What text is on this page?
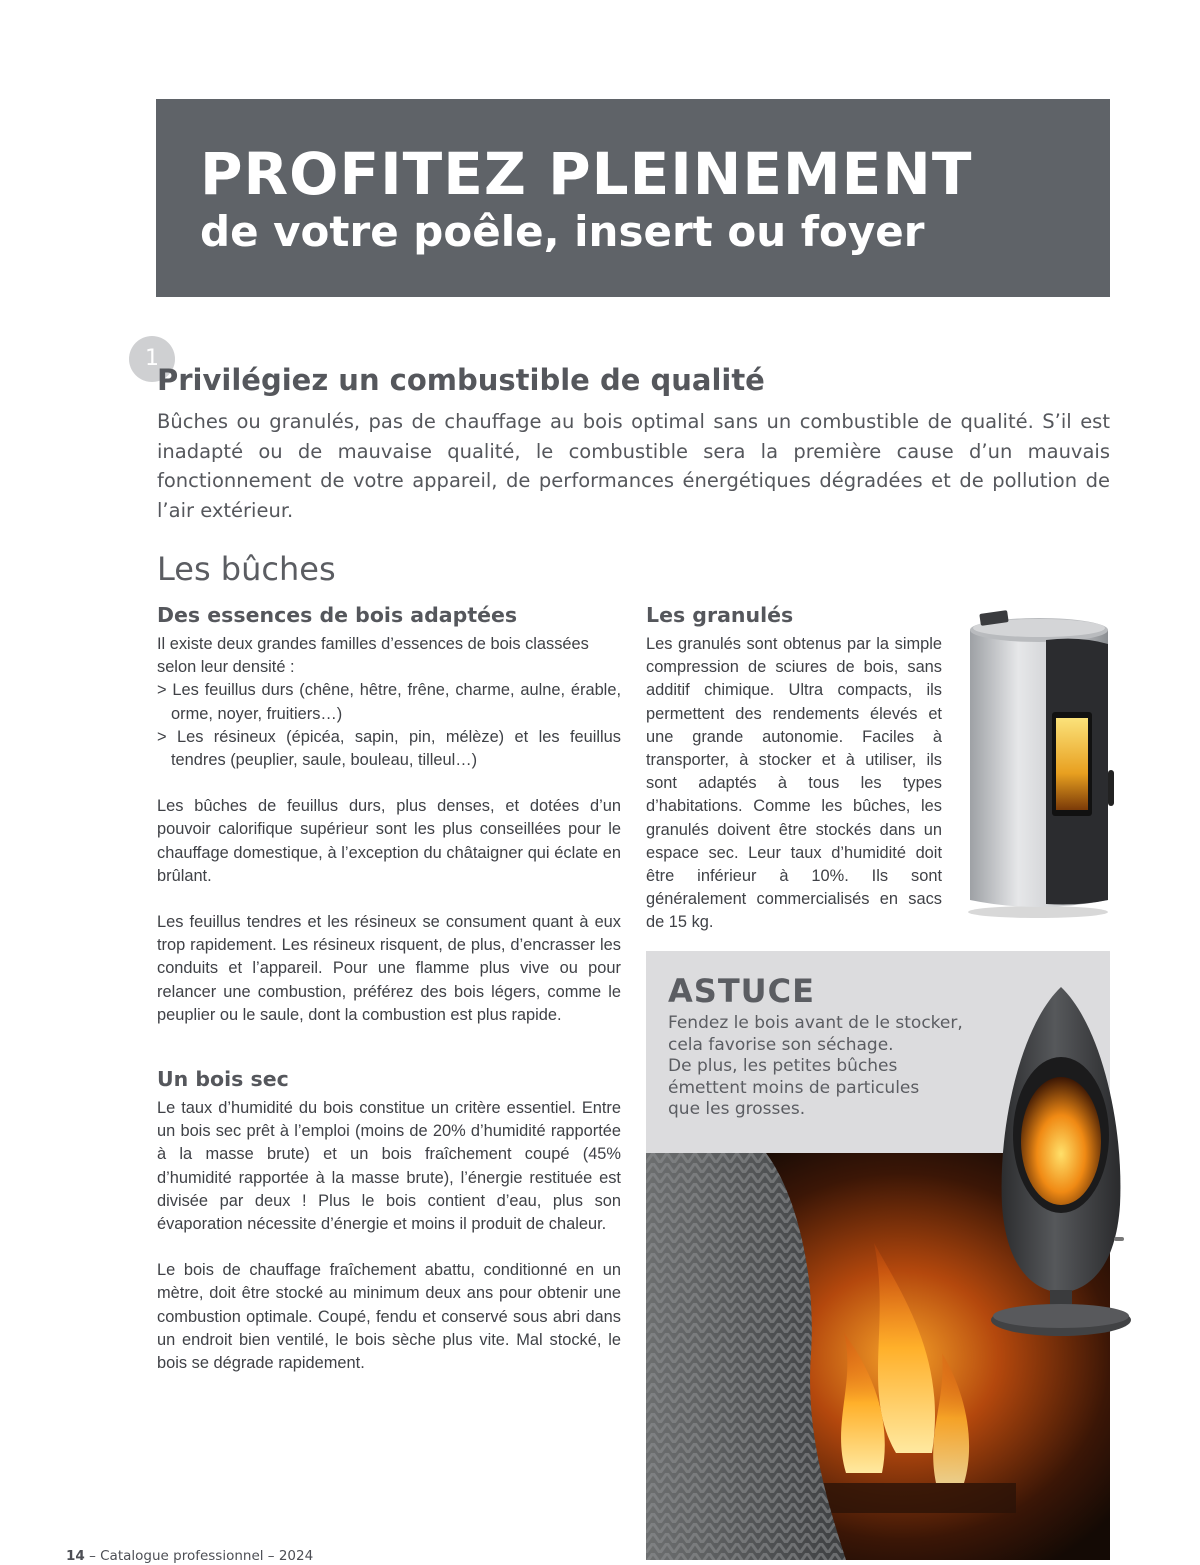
PROFITEZ PLEINEMENT
de votre poêle, insert ou foyer
1
Privilégiez un combustible de qualité

Bûches ou granulés, pas de chauffage au bois optimal sans un combustible de qualité. S’il est inadapté ou de mauvaise qualité, le combustible sera la première cause d’un mauvais fonctionnement de votre appareil, de performances énergétiques dégradées et de pollution de l’air extérieur.

Les bûches
Des essences de bois adaptées

Il existe deux grandes familles d’essences de bois classées selon leur densité :

> Les feuillus durs (chêne, hêtre, frêne, charme, aulne, érable, orme, noyer, fruitiers…)

> Les résineux (épicéa, sapin, pin, mélèze) et les feuillus tendres (peuplier, saule, bouleau, tilleul…)

Les bûches de feuillus durs, plus denses, et dotées d’un pouvoir calorifique supérieur sont les plus conseillées pour le chauffage domestique, à l’exception du châtaigner qui éclate en brûlant.

Les feuillus tendres et les résineux se consument quant à eux trop rapidement. Les résineux risquent, de plus, d’encrasser les conduits et l’appareil. Pour une flamme plus vive ou pour relancer une combustion, préférez des bois légers, comme le peuplier ou le saule, dont la combustion est plus rapide.

Un bois sec

Le taux d’humidité du bois constitue un critère essentiel. Entre un bois sec prêt à l’emploi (moins de 20% d’humidité rapportée à la masse brute) et un bois fraîchement coupé (45% d’humidité rapportée à la masse brute), l’énergie restituée est divisée par deux ! Plus le bois contient d’eau, plus son évaporation nécessite d’énergie et moins il produit de chaleur.

Le bois de chauffage fraîchement abattu, conditionné en un mètre, doit être stocké au minimum deux ans pour obtenir une combustion optimale. Coupé, fendu et conservé sous abri dans un endroit bien ventilé, le bois sèche plus vite. Mal stocké, le bois se dégrade rapidement.

Les granulés

Les granulés sont obtenus par la simple compression de sciures de bois, sans additif chimique. Ultra compacts, ils permettent des rendements élevés et une grande autonomie. Faciles à transporter, à stocker et à utiliser, ils sont adaptés à tous les types d’habitations. Comme les bûches, les granulés doivent être stockés dans un espace sec. Leur taux d’humidité doit être inférieur à 10%. Ils sont généralement commercialisés en sacs de 15 kg.

ASTUCE

Fendez le bois avant de le stocker,
cela favorise son séchage.
De plus, les petites bûches
émettent moins de particules
que les grosses.

14 – Catalogue professionnel – 2024
